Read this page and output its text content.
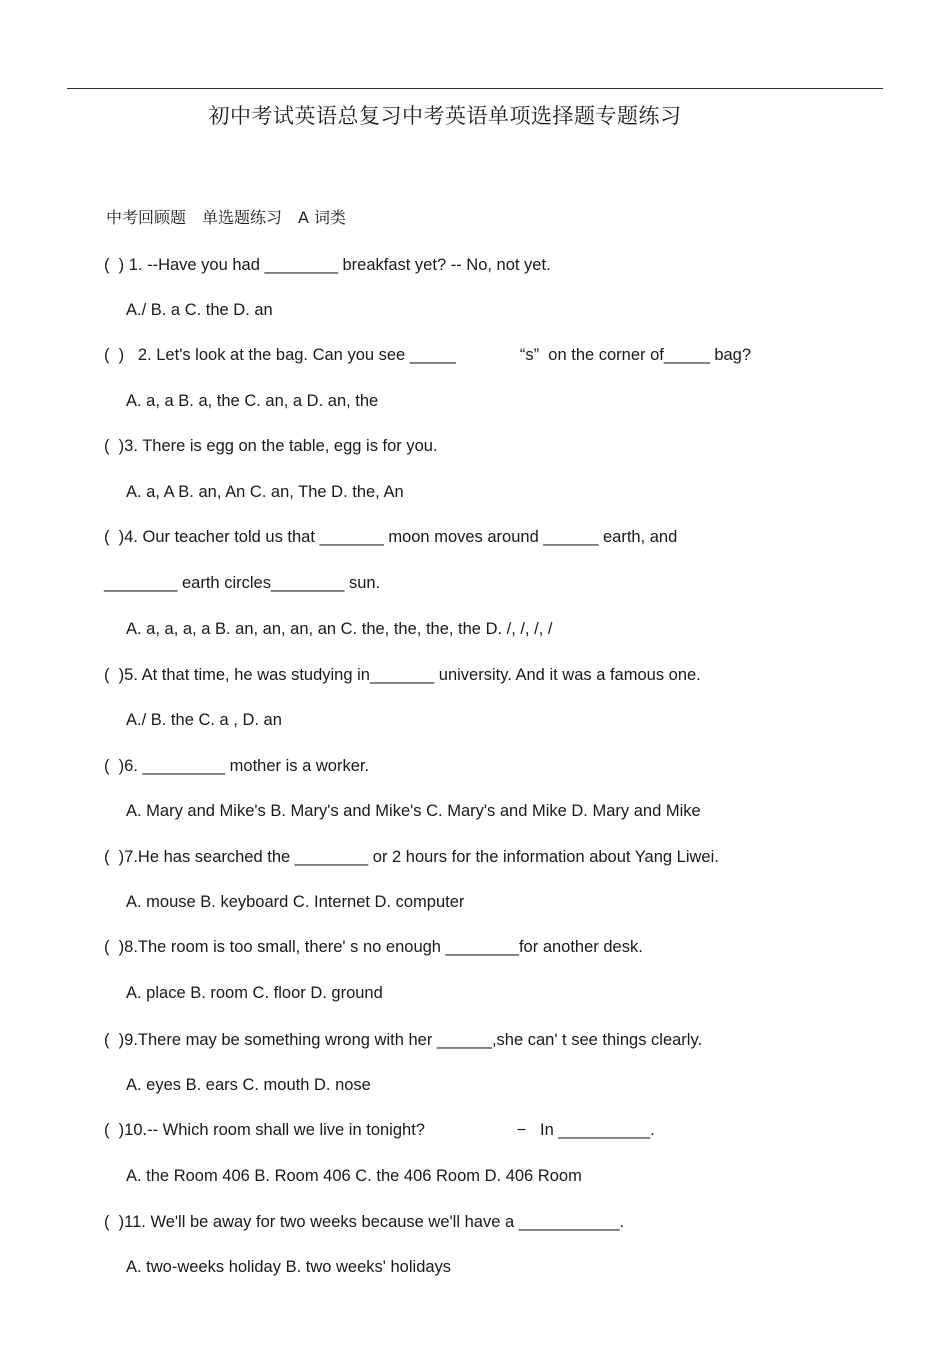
初中考试英语总复习中考英语单项选择题专题练习
中考回顾题　单选题练习　A 词类
(  ) 1. --Have you had ________ breakfast yet? -- No, not yet.
A./ B. a C. the D. an
(  )   2. Let's look at the bag. Can you see _____              “s”  on the corner of_____ bag?
A. a, a B. a, the C. an, a D. an, the
(  )3. There is egg on the table, egg is for you.
A. a, A B. an, An C. an, The D. the, An
(  )4. Our teacher told us that _______ moon moves around ______ earth, and
________ earth circles________ sun.
A. a, a, a, a B. an, an, an, an C. the, the, the, the D. /, /, /, /
(  )5. At that time, he was studying in_______ university. And it was a famous one.
A./ B. the C. a , D. an
(  )6. _________ mother is a worker.
A. Mary and Mike's B. Mary's and Mike's C. Mary's and Mike D. Mary and Mike
(  )7.He has searched the ________ or 2 hours for the information about Yang Liwei.
A. mouse B. keyboard C. Internet D. computer
(  )8.The room is too small, there' s no enough ________for another desk.
A. place B. room C. floor D. ground
(  )9.There may be something wrong with her ______,she can' t see things clearly.
A. eyes B. ears C. mouth D. nose
(  )10.-- Which room shall we live in tonight?                    −   In __________.
A. the Room 406 B. Room 406 C. the 406 Room D. 406 Room
(  )11. We'll be away for two weeks because we'll have a ___________.
A. two-weeks holiday B. two weeks' holidays
